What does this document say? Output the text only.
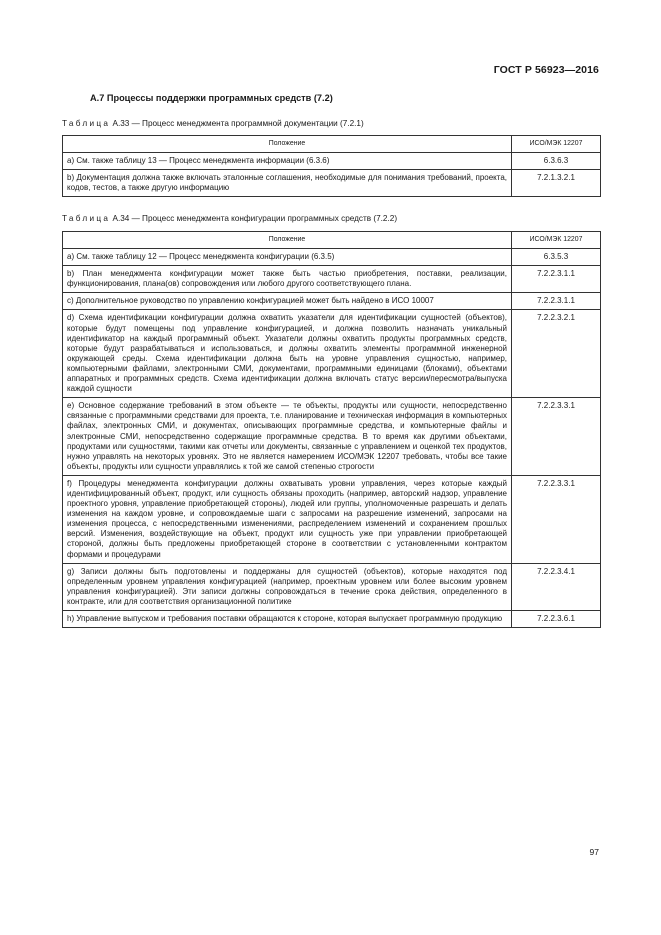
ГОСТ Р 56923—2016
А.7 Процессы поддержки программных средств (7.2)
Таблица А.33 — Процесс менеджмента программной документации (7.2.1)
Положение	ИСО/МЭК 12207
а) См. также таблицу 13 — Процесс менеджмента информации (6.3.6)	6.3.6.3
b) Документация должна также включать эталонные соглашения, необходимые для понимания требований, проекта, кодов, тестов, а также другую информацию	7.2.1.3.2.1
Таблица А.34 — Процесс менеджмента конфигурации программных средств (7.2.2)
Положение	ИСО/МЭК 12207
а) См. также таблицу 12 — Процесс менеджмента конфигурации (6.3.5)	6.3.5.3
b) План менеджмента конфигурации может также быть частью приобретения, поставки, реализации, функционирования, плана(ов) сопровождения или любого другого соответствующего плана.	7.2.2.3.1.1
с) Дополнительное руководство по управлению конфигурацией может быть найдено в ИСО 10007	7.2.2.3.1.1
d) Схема идентификации конфигурации должна охватить указатели для идентификации сущностей (объектов), которые будут помещены под управление конфигурацией, и должна позволить назначать уникальный идентификатор на каждый программный объект. Указатели должны охватить продукты программных средств, которые будут разрабатываться и использоваться, и должны охватить элементы программной инженерной окружающей среды. Схема идентификации должна быть на уровне управления сущностью, например, компьютерными файлами, электронными СМИ, документами, программными единицами (блоками), объектами аппаратных и программных средств. Схема идентификации должна включать статус версии/пересмотра/выпуска каждой сущности	7.2.2.3.2.1
е) Основное содержание требований в этом объекте — те объекты, продукты или сущности, непосредственно связанные с программными средствами для проекта, т.е. планирование и техническая информация в компьютерных файлах, электронных СМИ, и документах, описывающих программные средства, и компьютерные файлы и электронные СМИ, непосредственно содержащие программные средства. В то время как другими объектами, продуктами или сущностями, такими как отчеты или документы, связанные с управлением и оценкой тех продуктов, нужно управлять на некоторых уровнях. Это не является намерением ИСО/МЭК 12207 требовать, чтобы все такие объекты, продукты или сущности управлялись к той же самой степенью строгости	7.2.2.3.3.1
f) Процедуры менеджмента конфигурации должны охватывать уровни управления, через которые каждый идентифицированный объект, продукт, или сущность обязаны проходить (например, авторский надзор, управление проектного уровня, управление приобретающей стороны), людей или группы, уполномоченные разрешать и делать изменения на каждом уровне, и сопровождаемые шаги с запросами на разрешение изменений, запросами на изменения процесса, с непосредственными изменениями, распределением изменений и сохранением прошлых версий. Изменения, воздействующие на объект, продукт или сущность уже при управлении приобретающей стороной, должны быть предложены приобретающей стороне в соответствии с установленными контрактом формами и процедурами	7.2.2.3.3.1
g) Записи должны быть подготовлены и поддержаны для сущностей (объектов), которые находятся под определенным уровнем управления конфигурацией (например, проектным уровнем или более высоким уровнем управления конфигурацией). Эти записи должны сопровождаться в течение срока действия, определенного в контракте, или для соответствия организационной политике	7.2.2.3.4.1
h) Управление выпуском и требования поставки обращаются к стороне, которая выпускает программную продукцию	7.2.2.3.6.1
97
